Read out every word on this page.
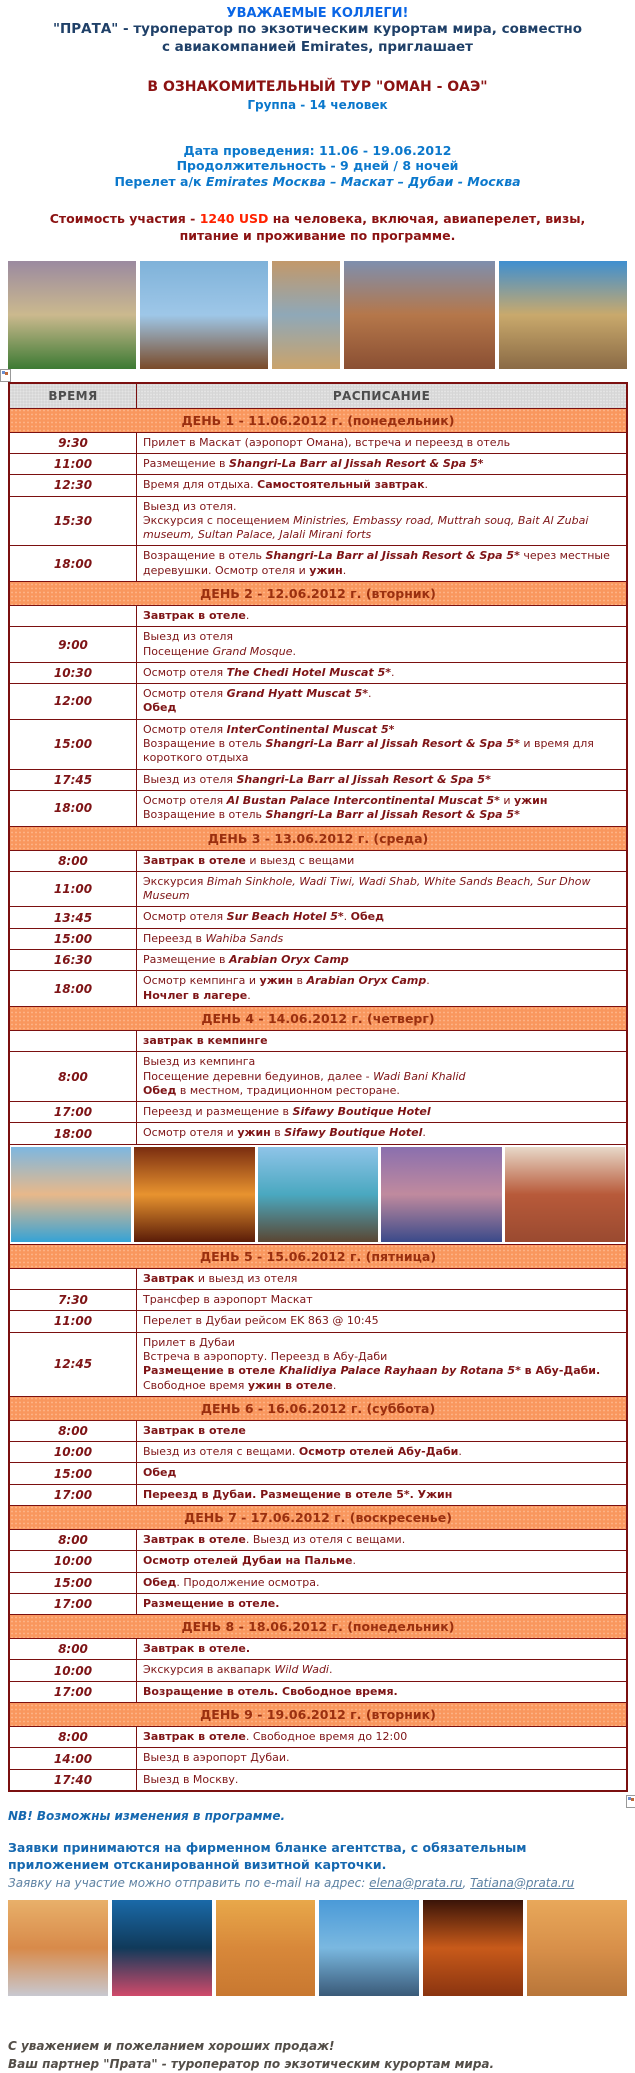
УВАЖАЕМЫЕ КОЛЛЕГИ!
"ПРАТА" - туроператор по экзотическим курортам мира, совместно
с авиакомпанией Emirates, приглашает
В ОЗНАКОМИТЕЛЬНЫЙ ТУР "ОМАН - ОАЭ"
Группа - 14 человек
Дата проведения: 11.06 - 19.06.2012
Продолжительность - 9 дней / 8 ночей
Перелет а/к Emirates Москва – Маскат – Дубаи - Москва
Стоимость участия - 1240 USD на человека, включая, авиаперелет, визы,
питание и проживание по программе.
ВРЕМЯ	РАСПИСАНИЕ
ДЕНЬ 1 - 11.06.2012 г. (понедельник)	
9:30	Прилет в Маскат (аэропорт Омана), встреча и переезд в отель

11:00	Размещение в Shangri-La Barr al Jissah Resort & Spa 5*

12:30	Время для отдыха. Самостоятельный завтрак.

15:30	Выезд из отеля.
Экскурсия с посещением Ministries, Embassy road, Muttrah souq, Bait Al Zubai museum, Sultan Palace, Jalali Mirani forts

18:00	Возращение в отель Shangri-La Barr al Jissah Resort & Spa 5* через местные деревушки. Осмотр отеля и ужин.

ДЕНЬ 2 - 12.06.2012 г. (вторник)	

	Завтрак в отеле.

9:00	Выезд из отеля
Посещение Grand Mosque.

10:30	Осмотр отеля The Chedi Hotel Muscat 5*.

12:00	Осмотр отеля Grand Hyatt Muscat 5*.
Обед

15:00	Осмотр отеля InterContinental Muscat 5*
Возращение в отель Shangri-La Barr al Jissah Resort & Spa 5* и время для короткого отдыха

17:45	Выезд из отеля Shangri-La Barr al Jissah Resort & Spa 5*

18:00	Осмотр отеля Al Bustan Palace Intercontinental Muscat 5* и ужин
Возращение в отель Shangri-La Barr al Jissah Resort & Spa 5*

ДЕНЬ 3 - 13.06.2012 г. (среда)	
8:00	Завтрак в отеле и выезд с вещами

11:00	Экскурсия Bimah Sinkhole, Wadi Tiwi, Wadi Shab, White Sands Beach, Sur Dhow Museum

13:45	Осмотр отеля Sur Beach Hotel 5*. Обед

15:00	Переезд в Wahiba Sands

16:30	Размещение в Arabian Oryx Camp

18:00	Осмотр кемпинга и ужин в Arabian Oryx Camp.
Ночлег в лагере.

ДЕНЬ 4 - 14.06.2012 г. (четверг)	

	завтрак в кемпинге

8:00	Выезд из кемпинга
Посещение деревни бедуинов, далее - Wadi Bani Khalid
Обед в местном, традиционном ресторане.

17:00	Переезд и размещение в Sifawy Boutique Hotel

18:00	Осмотр отеля и ужин в Sifawy Boutique Hotel.

ДЕНЬ 5 - 15.06.2012 г. (пятница)	

	Завтрак и выезд из отеля

7:30	Трансфер в аэропорт Маскат

11:00	Перелет в Дубаи рейсом EK 863 @ 10:45

12:45	Прилет в Дубаи
Встреча в аэропорту. Переезд в Абу-Даби
Размещение в отеле Khalidiya Palace Rayhaan by Rotana 5* в Абу-Даби.
Свободное время ужин в отеле.

ДЕНЬ 6 - 16.06.2012 г. (суббота)	
8:00	Завтрак в отеле

10:00	Выезд из отеля с вещами. Осмотр отелей Абу-Даби.

15:00	Обед

17:00	Переезд в Дубаи. Размещение в отеле 5*. Ужин

ДЕНЬ 7 - 17.06.2012 г. (воскресенье)	
8:00	Завтрак в отеле. Выезд из отеля с вещами.

10:00	Осмотр отелей Дубаи на Пальме.

15:00	Обед. Продолжение осмотра.

17:00	Размещение в отеле.

ДЕНЬ 8 - 18.06.2012 г. (понедельник)	
8:00	Завтрак в отеле.

10:00	Экскурсия в аквапарк Wild Wadi.

17:00	Возращение в отель. Свободное время.

ДЕНЬ 9 - 19.06.2012 г. (вторник)	
8:00	Завтрак в отеле. Свободное время до 12:00

14:00	Выезд в аэропорт Дубаи.

17:40	Выезд в Москву.
NB! Возможны изменения в программе.
Заявки принимаются на фирменном бланке агентства, с обязательным приложением отсканированной визитной карточки.
Заявку на участие можно отправить по e-mail на адрес: elena@prata.ru, Tatiana@prata.ru
С уважением и пожеланием хороших продаж!
Ваш партнер "Прата" - туроператор по экзотическим курортам мира.
